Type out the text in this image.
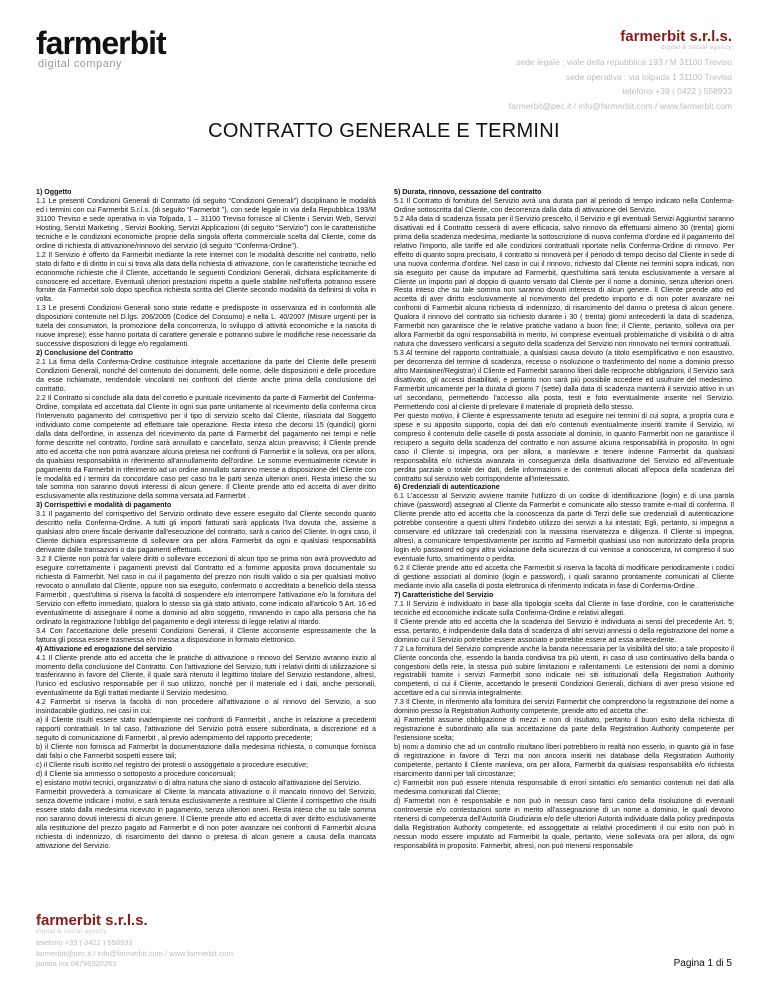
farmerbit
digital company
farmerbit s.r.l.s.
digital & social agency
sede legale : viale della repubblica 193 / M 31100 Treviso
sede operativa : via tolpada 1 31100 Treviso
telefono +39 ( 0422 ) 558933
farmerbit@pec.it / info@farmerbit.com / www.farmerbit.com
CONTRATTO GENERALE E TERMINI

1) Oggetto

1.1 Le presenti Condizioni Generali di Contratto (di seguito “Condizioni Generali”) disciplinano le modalità ed i termini con cui Farmerbit S.r.l.s. (di seguito “Farmerbit ”), con sede legale in via della Repubblica 193/M 31100 Treviso e sede operativa in via Tolpada, 1 – 31100 Treviso fornisce al Cliente i Servizi Web, Servizi Hosting, Servizi Marketing , Servizi Booking, Servizi Applicazioni (di seguito “Servizio”) con le caratteristiche tecniche e le condizioni economiche proprie della singola offerta commerciale scelta dal Cliente, come da ordine di richiesta di attivazione/rinnovo del servizio (di seguito “Conferma-Ordine”).

1.2 Il Servizio è offerto da Farmerbit mediante la rete internet con le modalità descritte nel contratto, nello stato di fatto e di diritto in cui si trova alla data della richiesta di attivazione, con le caratteristiche tecniche ed economiche richieste che il Cliente, accettando le seguenti Condizioni Generali, dichiara esplicitamente di conoscere ed accettare. Eventuali ulteriori prestazioni rispetto a quelle stabilite nell'offerta potranno essere fornite da Farmerbit solo dopo specifica richiesta scritta del Cliente secondo modalità da definirsi di volta in volta.

1.3 Le presenti Condizioni Generali sono state redatte e predisposte in osservanza ed in conformità alle disposizioni contenute nel D.lgs. 206/2005 (Codice del Consumo) e nella L. 40/2007 (Misure urgenti per la tutela dei consumatori, la promozione della concorrenza, lo sviluppo di attività economiche e la nascita di nuove imprese); esse hanno portata di carattere generale e potranno subire le modifiche rese necessarie da successive disposizioni di legge e/o regolamenti.

2) Conclusione del Contratto

2.1 La firma della Conferma-Ordine costituisce integrale accettazione da parte del Cliente delle presenti Condizioni Generali, nonché del contenuto dei documenti, delle norme, delle disposizioni e delle procedure da esse richiamate, rendendole vincolanti nei confronti del cliente anche prima della conclusione del contratto.

2.2 Il Contratto si conclude alla data del corretto e puntuale ricevimento da parte di Farmerbit del Conferma-Ordine, compilata ed accettata dal Cliente in ogni sua parte unitamente al ricevimento della conferma circa l'intervenuto pagamento del corrispettivo per il tipo di servizio scelto dal Cliente, rilasciata dal Soggetto individuato come competente ad effettuare tale operazione. Resta inteso che decorsi 15 (quindici) giorni dalla data dell'ordine, in assenza del ricevimento da parte di Farmerbit del pagamento nei tempi e nelle forme descritte nel contratto, l'ordine sarà annullato e cancellato, senza alcun preavviso; il Cliente prende atto ed accetta che non potrà avanzare alcuna pretesa nei confronti di Farmerbit e la solleva, ora per allora, da qualsiasi responsabilità in riferimento all'annullamento dell'ordine. Le somme eventualmente ricevute in pagamento da Farmerbit in riferimento ad un ordine annullato saranno messe a disposizione del Cliente con le modalità ed i termini da concordare caso per caso tra le parti senza ulteriori oneri. Resta inteso che su tale somma non saranno dovuti interessi di alcun genere. Il Cliente prende atto ed accetta di aver diritto esclusivamente alla restituzione della somma versata ad Farmerbit .

3) Corrispettivi e modalità di pagamento

3.1 Il pagamento del corrispettivo del Servizio ordinato deve essere eseguito dal Cliente secondo quanto descritto nella Conferma-Ordine. A tutti gli importi fatturati sarà applicata l'Iva dovuta che, assieme a qualsiasi altro onere fiscale derivante dall'esecuzione del contratto, sarà a carico del Cliente. In ogni caso, il Cliente dichiara espressamente di sollevare ora per allora Farmerbit da ogni e qualsiasi responsabilità derivante dalle transazioni o dai pagamenti effettuati.

3.2 Il Cliente non potrà far valere diritti o sollevare eccezioni di alcun tipo se prima non avrà provveduto ad eseguire correttamente i pagamenti previsti dal Contratto ed a fornirne apposita prova documentale su richiesta di Farmerbit. Nel caso in cui il pagamento del prezzo non risulti valido o sia per qualsiasi motivo revocato o annullato dal Cliente, oppure non sia eseguito, confermato o accreditato a beneficio della stessa Farmerbit , quest'ultima si riserva la facoltà di sospendere e/o interrompere l'attivazione e/o la fornitura del Servizio con effetto immediato, qualora lo stesso sia già stato attivato, come indicato all'articolo 5 Art. 16 ed eventualmente di assegnare il nome a dominio ad altro soggetto, rimanendo in capo alla persona che ha ordinato la registrazione l'obbligo del pagamento e degli interessi di legge relativi al ritardo.

3.4 Con l'accettazione delle presenti Condizioni Generali, il Cliente acconsente espressamente che la fattura gli possa essere trasmessa e/o messa a disposizione in formato elettronico.

4) Attivazione ed erogazione del servizio

4.1 Il Cliente prende atto ed accetta che le pratiche di attivazione o rinnovo del Servizio avranno inizio al momento della conclusione del Contratto. Con l'attivazione del Servizio, tutti i relativi diritti di utilizzazione si trasferiranno in favore del Cliente, il quale sarà ritenuto il legittimo titolare del Servizio restandone, altresì, l'unico ed esclusivo responsabile per il suo utilizzo, nonché per il materiale ed i dati, anche personali, eventualmente da Egli trattati mediante il Servizio medesimo.

4.2 Farmerbit si riserva la facoltà di non procedere all'attivazione o al rinnovo del Servizio, a suo insindacabile giudizio, nei casi in cui:

a) il Cliente risulti essere stato inadempiente nei confronti di Farmerbit , anche in relazione a precedenti rapporti contrattuali. In tal caso, l'attivazione del Servizio potrà essere subordinata, a discrezione ed a seguito di comunicazione di Farmerbit , al previo adempimento del rapporto precedente;

b) il Cliente non fornisca ad Farmerbit la documentazione dalla medesima richiesta, o comunque fornisca dati falsi o che Farmerbit sospetti essere tali;

c) il Cliente risulti iscritto nel registro dei protesti o assoggettato a procedure esecutive;

d) il Cliente sia ammesso o sottoposto a procedure concorsuali;

e) esistano motivi tecnici, organizzativi o di altra natura che siano di ostacolo all'attivazione del Servizio.

Farmerbit provvederà a comunicare al Cliente la mancata attivazione o il mancato rinnovo del Servizio, senza doverne indicare i motivi, e sarà tenuta esclusivamente a restituire al Cliente il corrispettivo che risulti essere stato dalla medesima ricevuto in pagamento, senza ulteriori oneri. Resta inteso che su tale somma non saranno dovuti interessi di alcun genere. Il Cliente prende atto ed accetta di aver diritto esclusivamente alla restituzione del prezzo pagato ad Farmerbit e di non poter avanzare nei confronti di Farmerbit alcuna richiesta di indennizzo, di risarcimento del danno o pretesa di alcun genere a causa della mancata attivazione del Servizio.

5) Durata, rinnovo, cessazione del contratto

5.1 Il Contratto di fornitura del Servizio avrà una durata pari al periodo di tempo indicato nella Conferma-Ordine sottoscritta dal Cliente, con decorrenza dalla data di attivazione del Servizio.

5.2 Alla data di scadenza fissata per il Servizio prescelto, il Servizio e gli eventuali Servizi Aggiuntivi saranno disattivati ed il Contratto cesserà di avere efficacia, salvo rinnovo da effettuarsi almeno 30 (trenta) giorni prima della scadenza medesima, mediante la sottoscrizione di nuova conferma d'ordine ed il pagamento del relativo l'importo, alle tariffe ed alle condizioni contrattuali riportate nella Conferma-Ordine di rinnovo. Per effetto di quanto sopra precisato, il contratto si rinnoverà per il periodo di tempo deciso dal Cliente in sede di una nuova conferma d'ordine. Nel caso in cui il rinnovo, richiesto dal Cliente nei termini sopra indicati, non sia eseguito per cause da imputare ad Farmerbit, quest'ultima sarà tenuta esclusivamente a versare al Cliente un importo pari al doppio di quanto versato dal Cliente per il nome a dominio, senza ulteriori oneri. Resta inteso che su tale somma non saranno dovuti interessi di alcun genere. Il Cliente prende atto ed accetta di aver diritto esclusivamente al ricevimento del predetto importo e di non poter avanzare nei confronti di Farmerbit alcuna richiesta di indennizzo, di risarcimento del danno o pretesa di alcun genere. Qualora il rinnovo del contratto sia richiesto durante i 30 ( trenta) giorni antecedenti la data di scadenza, Farmerbit non garantisce che le relative pratiche vadano a buon fine; il Cliente, pertanto, solleva ora per allora Farmerbit da ogni responsabilità in merito, ivi comprese eventuali problematiche di visibilità o di altra natura che dovessero verificarsi a seguito della scadenza del Servizio non rinnovato nei termini contrattuali.

5.3 Al termine del rapporto contrattuale, a qualsiasi causa dovuto (a titolo esemplificativo e non esaustivo, per decorrenza del termine di scadenza, recesso o risoluzione o trasferimento del nome a dominio presso altro Maintainer/Registrar) il Cliente ed Farmerbit saranno liberi dalle reciproche obbligazioni, il Servizio sarà disattivato, gli accessi disabilitati, e pertanto non sarà più possibile accedere ed usufruire del medesimo. Farmerbit unicamente per la durata di giorni 7 (sette) dalla data di scadenza manterrà il servizio attivo in un url secondario, permettendo l'accesso alla posta, testi e foto eventualmente inserite nel Servizio. Permettendo così al cliente di prelevare il materiale di proprietà dello stesso.

Per questo motivo, il Cliente è espressamente tenuto ad eseguire nei termini di cui sopra, a propria cura e spese e su apposito supporto, copia dei dati e/o contenuti eventualmente inseriti tramite il Servizio, ivi compreso il contenuto delle caselle di posta associate al dominio, in quanto Farmerbit non ne garantisce il recupero a seguito della scadenza del contratto e non assume alcuna responsabilità in proposito. In ogni caso il Cliente si impegna, ora per allora, a manlevare e tenere indenne Farmerbit da qualsiasi responsabilità e/o richiesta avanzata in conseguenza della disattivazione del Servizio ed all'eventuale perdita parziale o totale dei dati, delle informazioni e dei contenuti allocati all'epoca della scadenza del contratto sul servizio web corrispondente all'interessato.

6) Credenziali di autenticazione

6.1 L'accesso al Servizio avviene tramite l'utilizzo di un codice di identificazione (login) e di una parola chiave (password) assegnati al Cliente da Farmerbit e comunicate allo stesso tramite e-mail di conferma. Il Cliente prende atto ed accetta che la conoscenza da parte di Terzi delle sue credenziali di autenticazione potrebbe consentire a questi ultimi l'indebito utilizzo dei servizi a lui intestati; Egli, pertanto, si impegna a conservare ed utilizzare tali credenziali con la massima riservatezza e diligenza. Il Cliente si impegna, altresì, a comunicare tempestivamente per iscritto ad Farmerbit qualsiasi uso non autorizzato della propria login e/o password ed ogni altra violazione della sicurezza di cui venisse a conoscenza, ivi compreso il suo eventuale furto, smarrimento o perdita.

6.2 Il Cliente prende atto ed accetta che Farmerbit si riserva la facoltà di modificare periodicamente i codici di gestione associati al dominio (login e password), i quali saranno prontamente comunicati al Cliente mediante invio alla casella di posta elettronica di riferimento indicata in fase di Conferma-Ordine .

7) Caratteristiche del Servizio

7.1 Il Servizio è individuato in base alla tipologia scelta dal Cliente in fase d'ordine, con le caratteristiche tecniche ed economiche indicate sulla Conferma-Ordine e relativi allegati.

Il Cliente prende atto ed accetta che la scadenza del Servizio è individuata ai sensi del precedente Art. 5; essa, pertanto, è indipendente dalla data di scadenza di altri servizi annessi o della registrazione del nome a dominio cui il Servizio potrebbe essere associato e potrebbe essere ad essa antecedente.

7.2 La fornitura del Servizio comprende anche la banda necessaria per la visibilità del sito; a tale proposito il Cliente concorda che, essendo la banda condivisa tra più utenti, in caso di uso continuativo della banda o congestioni della rete, la stessa può subire limitazioni e rallentamenti. Le estensioni dei nomi a dominio registrabili tramite i servizi Farmerbit sono indicate nei siti istituzionali della Registration Authority competenti, ci cui il Cliente, accettando le presenti Condizioni Generali, dichiara di aver preso visione ed accettare ed a cui si rinvia integralmente.

7.3 Il Cliente, in riferimento alla fornitura dei servizi Farmerbit che comprendono la registrazione del nome a dominio presso la Registration Authority competente, prende atto ed accetta che:

a) Farmerbit assume obbligazione di mezzi e non di risultato, pertanto il buon esito della richiesta di registrazione è subordinato alla sua accettazione da parte della Registration Authority competente per l'estensione scelta;

b) nomi a dominio che ad un controllo risultano liberi potrebbero in realtà non esserlo, in quanto già in fase di registrazione in favore di Terzi ma non ancora inseriti nei database della Registration Authority competente, pertanto il Cliente manleva, ora per allora, Farmerbit da qualsiasi responsabilità e/o richiesta risarcimento danni per tali circostanze;

c) Farmerbit non può essere ritenuta responsabile di errori sintattici e/o semantici contenuti nei dati alla medesima comunicati dal Cliente;

d) Farmerbit non è responsabile e non può in nessun caso farsi carico della risoluzione di eventuali controversie e/o contestazioni sorte in merito all'assegnazione di un nome a dominio, le quali devono ritenersi di competenza dell'Autorità Giudiziaria e/o delle ulteriori Autorità individuate dalla policy predisposta dalla Registration Authority competente, ed assoggettate ai relativi procedimenti il cui esito non può in nessun modo essere imputato ad Farmerbit la quale, pertanto, viene sollevata ora per allora, da ogni responsabilità in proposito. Farmerbit, altresì, non può ritenersi responsabile

farmerbit s.r.l.s.
digital & social agency
telefono +39 ( 0422 ) 558933
farmerbit@pec.it / info@farmerbit.com / www.farmerbit.com
partita iva 04796320263	Pagina 1 di 5
